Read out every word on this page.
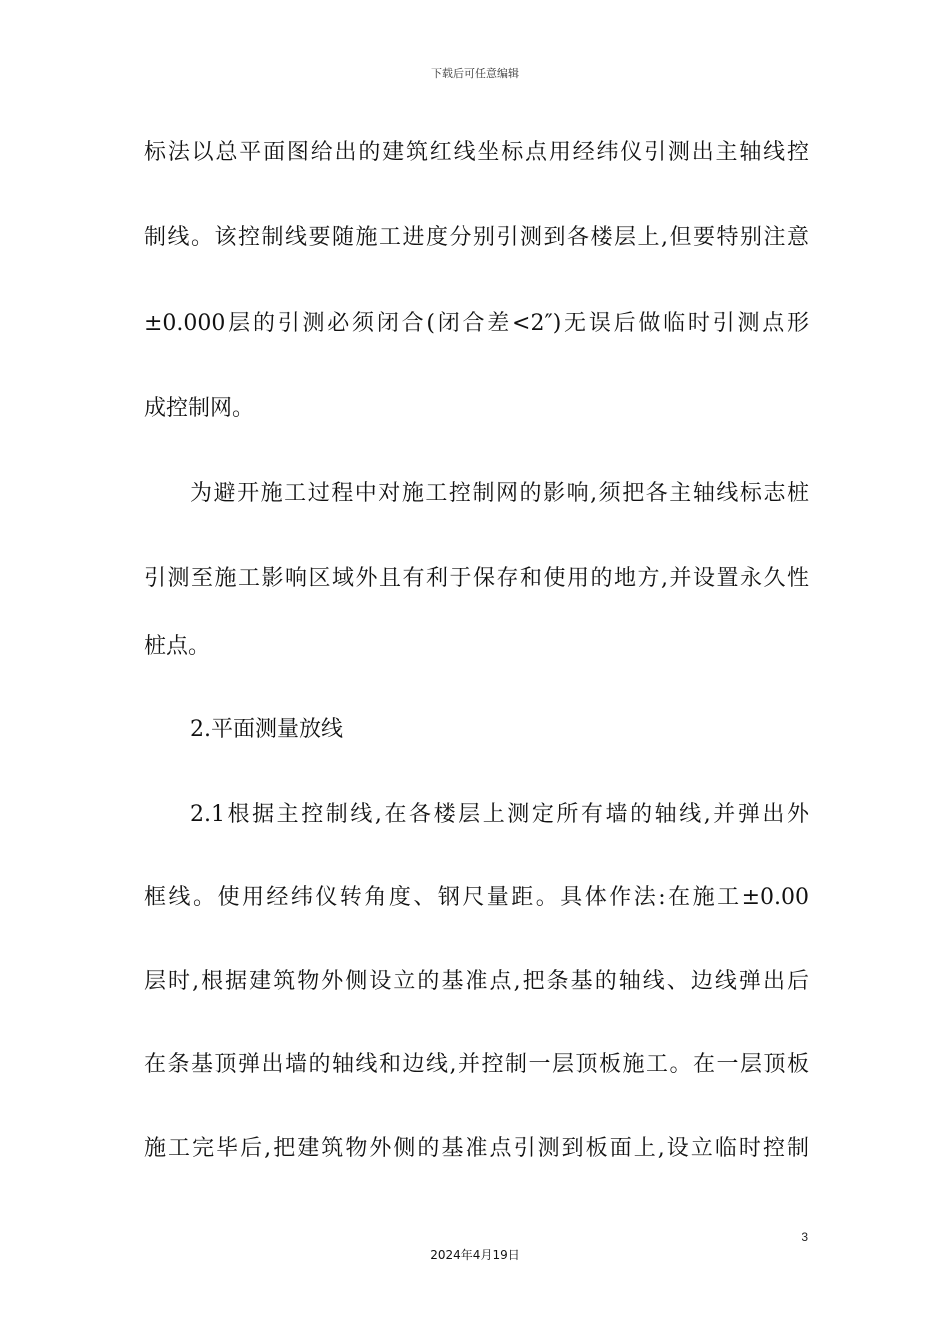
下载后可任意编辑
标法以总平面图给出的建筑红线坐标点用经纬仪引测出主轴线控
制线。该控制线要随施工进度分别引测到各楼层上,但要特别注意
±0.000层的引测必须闭合(闭合差<2″)无误后做临时引测点形
成控制网。
为避开施工过程中对施工控制网的影响,须把各主轴线标志桩
引测至施工影响区域外且有利于保存和使用的地方,并设置永久性
桩点。
2.平面测量放线
2.1根据主控制线,在各楼层上测定所有墙的轴线,并弹出外
框线。使用经纬仪转角度、钢尺量距。具体作法:在施工±0.00
层时,根据建筑物外侧设立的基准点,把条基的轴线、边线弹出后
在条基顶弹出墙的轴线和边线,并控制一层顶板施工。在一层顶板
施工完毕后,把建筑物外侧的基准点引测到板面上,设立临时控制
3
2024年4月19日
